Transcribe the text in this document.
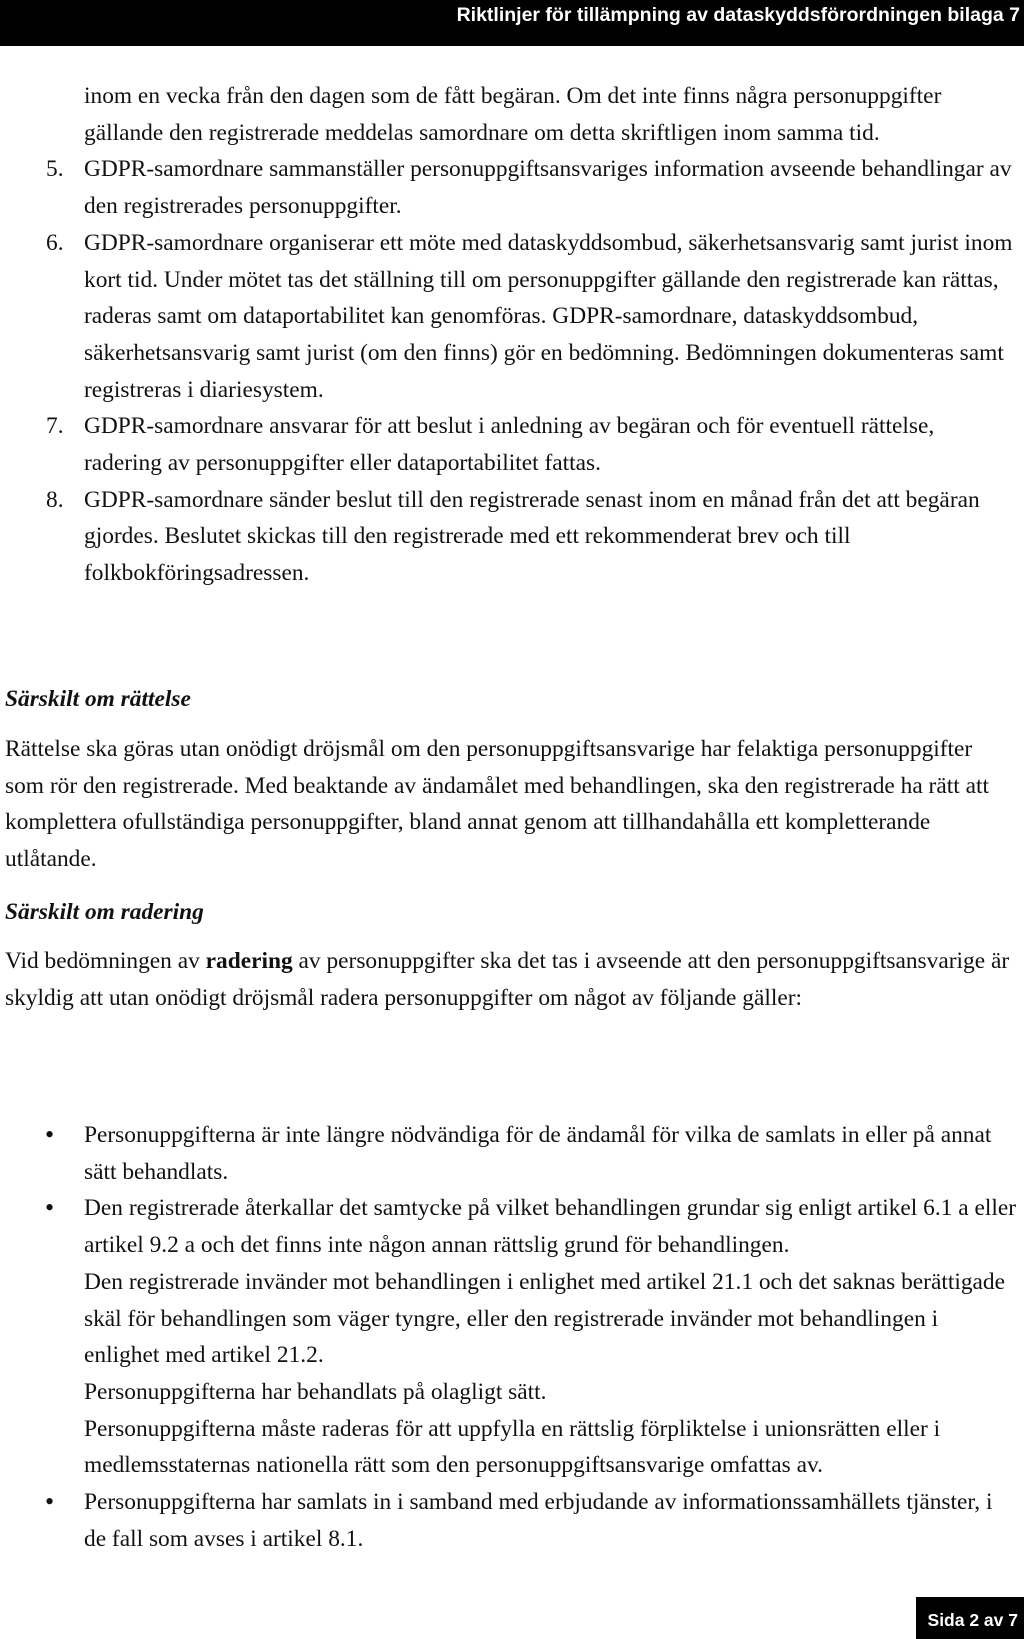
Riktlinjer för tillämpning av dataskyddsförordningen bilaga 7
inom en vecka från den dagen som de fått begäran. Om det inte finns några personuppgifter gällande den registrerade meddelas samordnare om detta skriftligen inom samma tid.
5. GDPR-samordnare sammanställer personuppgiftsansvariges information avseende behandlingar av den registrerades personuppgifter.
6. GDPR-samordnare organiserar ett möte med dataskyddsombud, säkerhetsansvarig samt jurist inom kort tid. Under mötet tas det ställning till om personuppgifter gällande den registrerade kan rättas, raderas samt om dataportabilitet kan genomföras. GDPR-samordnare, dataskyddsombud, säkerhetsansvarig samt jurist (om den finns) gör en bedömning. Bedömningen dokumenteras samt registreras i diariesystem.
7. GDPR-samordnare ansvarar för att beslut i anledning av begäran och för eventuell rättelse, radering av personuppgifter eller dataportabilitet fattas.
8. GDPR-samordnare sänder beslut till den registrerade senast inom en månad från det att begäran gjordes. Beslutet skickas till den registrerade med ett rekommenderat brev och till folkbokföringsadressen.
Särskilt om rättelse
Rättelse ska göras utan onödigt dröjsmål om den personuppgiftsansvarige har felaktiga personuppgifter som rör den registrerade. Med beaktande av ändamålet med behandlingen, ska den registrerade ha rätt att komplettera ofullständiga personuppgifter, bland annat genom att tillhandahålla ett kompletterande utlåtande.
Särskilt om radering
Vid bedömningen av radering av personuppgifter ska det tas i avseende att den personuppgiftsansvarige är skyldig att utan onödigt dröjsmål radera personuppgifter om något av följande gäller:
• Personuppgifterna är inte längre nödvändiga för de ändamål för vilka de samlats in eller på annat sätt behandlats.
• Den registrerade återkallar det samtycke på vilket behandlingen grundar sig enligt artikel 6.1 a eller artikel 9.2 a och det finns inte någon annan rättslig grund för behandlingen.
Den registrerade invänder mot behandlingen i enlighet med artikel 21.1 och det saknas berättigade skäl för behandlingen som väger tyngre, eller den registrerade invänder mot behandlingen i enlighet med artikel 21.2.
Personuppgifterna har behandlats på olagligt sätt.
Personuppgifterna måste raderas för att uppfylla en rättslig förpliktelse i unionsrätten eller i medlemsstaternas nationella rätt som den personuppgiftsansvarige omfattas av.
• Personuppgifterna har samlats in i samband med erbjudande av informationssamhällets tjänster, i de fall som avses i artikel 8.1.
Sida 2 av 7
